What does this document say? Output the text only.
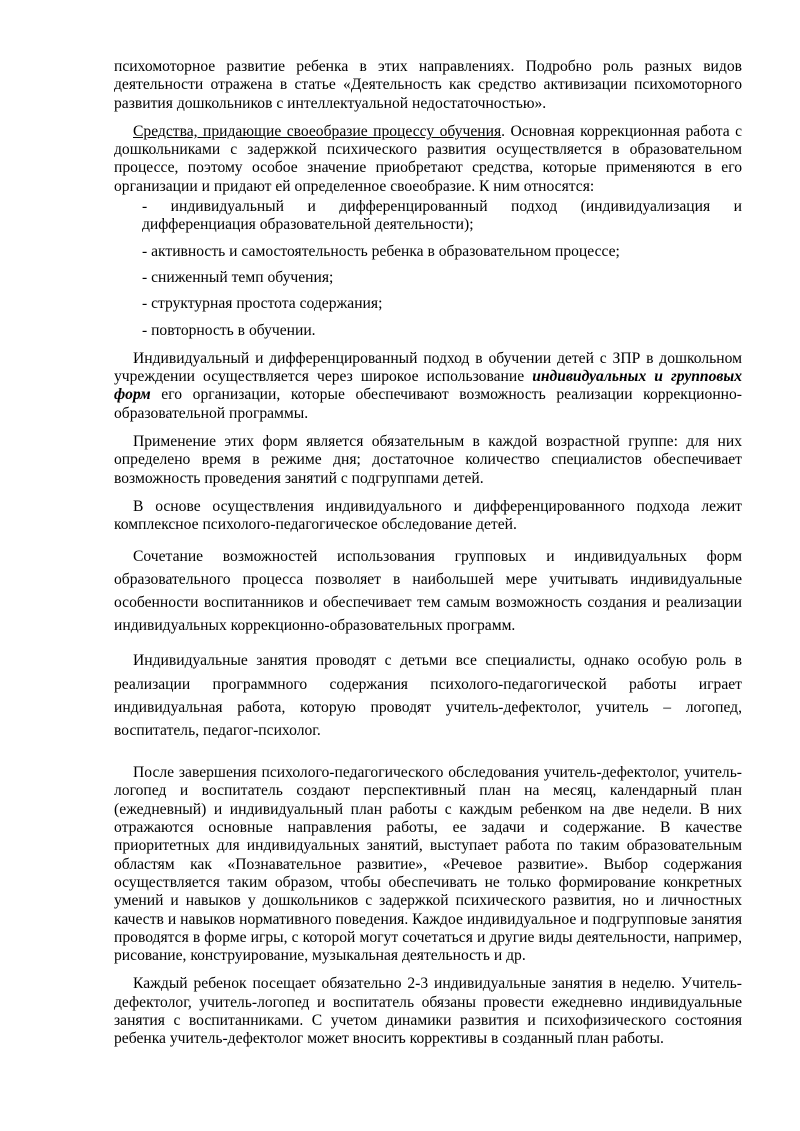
психомоторное развитие ребенка в этих направлениях. Подробно роль разных видов деятельности отражена в статье «Деятельность как средство активизации психомоторного развития дошкольников с интеллектуальной недостаточностью».

Средства, придающие своеобразие процессу обучения. Основная коррекционная работа с дошкольниками с задержкой психического развития осуществляется в образовательном процессе, поэтому особое значение приобретают средства, которые применяются в его организации и придают ей определенное своеобразие. К ним относятся:

-   индивидуальный   и   дифференцированный   подход   (индивидуализация   и дифференциация образовательной деятельности);

- активность и самостоятельность ребенка в образовательном процессе;

- сниженный темп обучения;

- структурная простота содержания;

- повторность в обучении.

Индивидуальный и дифференцированный подход в обучении детей с ЗПР в дошкольном учреждении осуществляется через широкое использование индивидуальных и групповых форм его организации, которые обеспечивают возможность реализации коррекционно-образовательной программы.

Применение этих форм является обязательным в каждой возрастной группе: для них определено время в режиме дня; достаточное количество специалистов обеспечивает возможность проведения занятий с подгруппами детей.

В основе осуществления индивидуального и дифференцированного подхода лежит комплексное психолого-педагогическое обследование детей.

Сочетание возможностей использования групповых и индивидуальных форм образовательного процесса позволяет в наибольшей мере учитывать индивидуальные особенности воспитанников и обеспечивает тем самым возможность создания и реализации индивидуальных коррекционно-образовательных программ.

Индивидуальные занятия проводят с детьми все специалисты, однако особую роль в реализации программного содержания психолого-педагогической работы играет индивидуальная работа, которую проводят учитель-дефектолог, учитель – логопед, воспитатель, педагог-психолог.

После завершения психолого-педагогического обследования учитель-дефектолог, учитель-логопед и воспитатель создают перспективный план на месяц, календарный план (ежедневный) и индивидуальный план работы с каждым ребенком на две недели. В них отражаются основные направления работы, ее задачи и содержание. В качестве приоритетных для индивидуальных занятий, выступает работа по таким образовательным областям как «Познавательное развитие», «Речевое развитие». Выбор содержания осуществляется таким образом, чтобы обеспечивать не только формирование конкретных умений и навыков у дошкольников с задержкой психического развития, но и личностных качеств и навыков нормативного поведения. Каждое индивидуальное и подгрупповые занятия проводятся в форме игры, с которой могут сочетаться и другие виды деятельности, например, рисование, конструирование, музыкальная деятельность и др.

Каждый ребенок посещает обязательно 2-3 индивидуальные занятия в неделю. Учитель-дефектолог, учитель-логопед и воспитатель обязаны провести ежедневно индивидуальные занятия с воспитанниками. С учетом динамики развития и психофизического состояния ребенка учитель-дефектолог может вносить коррективы в созданный план работы.
